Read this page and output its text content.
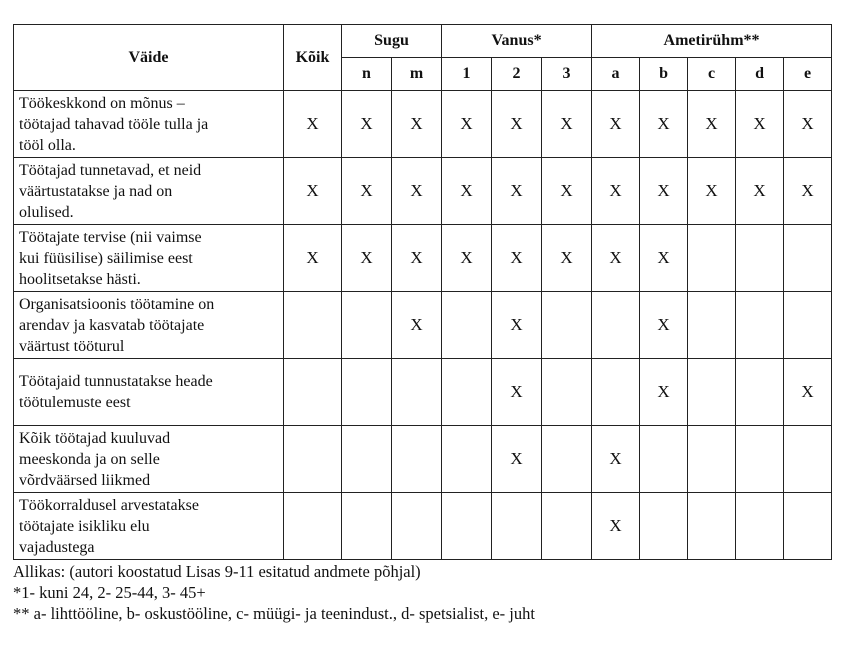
Väide	Kõik	Sugu		Vanus*			Ametirühm**				
		n	m	1	2	3	a	b	c	d	e

Töökeskkond on mõnus –
töötajad tahavad tööle tulla ja
tööl olla.	X	X	X	X	X	X	X	X	X	X	X

Töötajad tunnetavad, et neid
väärtustatakse ja nad on
olulised.	X	X	X	X	X	X	X	X	X	X	X

Töötajate tervise (nii vaimse
kui füüsilise) säilimise eest
hoolitsetakse hästi.	X	X	X	X	X	X	X	X			

Organisatsioonis töötamine on
arendav ja kasvatab töötajate
väärtust tööturul			X		X			X			

Töötajaid tunnustatakse heade
töötulemuste eest					X			X			X

Kõik töötajad kuuluvad
meeskonda ja on selle
võrdväärsed liikmed					X		X				

Töökorraldusel arvestatakse
töötajate isikliku elu
vajadustega							X				
Allikas: (autori koostatud Lisas 9-11 esitatud andmete põhjal)
*1- kuni 24, 2- 25-44, 3- 45+
** a- lihttööline, b- oskustööline, c- müügi- ja teenindust., d- spetsialist, e- juht
